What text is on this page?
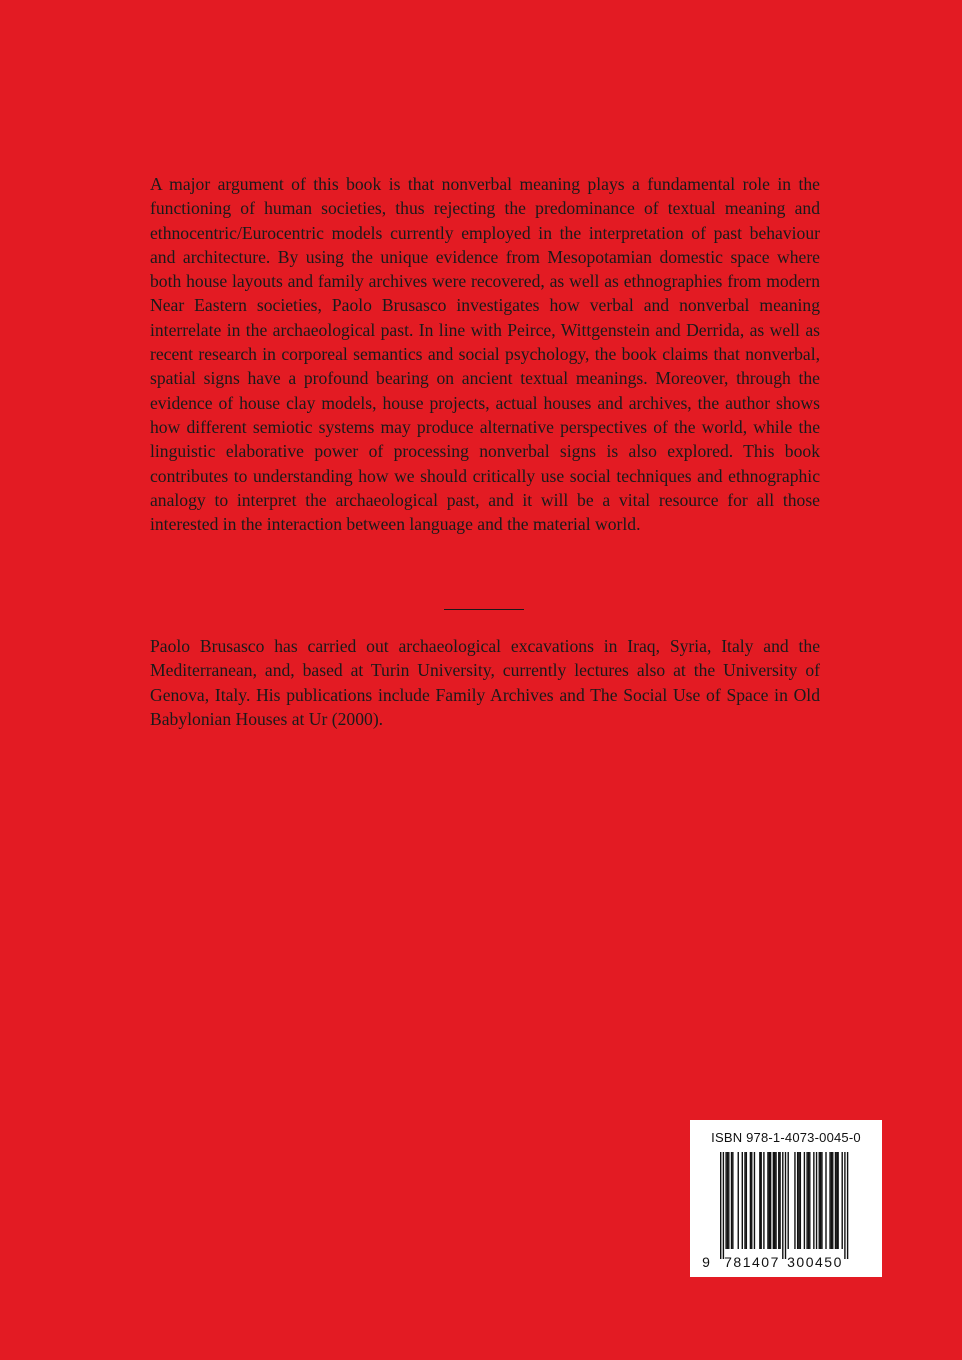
A major argument of this book is that nonverbal meaning plays a fundamental role in the functioning of human societies, thus rejecting the predominance of textual meaning and ethnocentric/Eurocentric models currently employed in the interpretation of past behaviour and architecture. By using the unique evidence from Mesopotamian domestic space where both house layouts and family archives were recovered, as well as ethnographies from modern Near Eastern societies, Paolo Brusasco investigates how verbal and nonverbal meaning interrelate in the archaeological past. In line with Peirce, Wittgenstein and Derrida, as well as recent research in corporeal semantics and social psychology, the book claims that nonverbal, spatial signs have a profound bearing on ancient textual meanings. Moreover, through the evidence of house clay models, house projects, actual houses and archives, the author shows how different semiotic systems may produce alternative perspectives of the world, while the linguistic elaborative power of processing nonverbal signs is also explored. This book contributes to understanding how we should critically use social techniques and ethnographic analogy to interpret the archaeological past, and it will be a vital resource for all those interested in the interaction between language and the material world.

Paolo Brusasco has carried out archaeological excavations in Iraq, Syria, Italy and the Mediterranean, and, based at Turin University, currently lectures also at the University of Genova, Italy. His publications include Family Archives and The Social Use of Space in Old Babylonian Houses at Ur (2000).

ISBN 978-1-4073-0045-0
9 781407 300450
